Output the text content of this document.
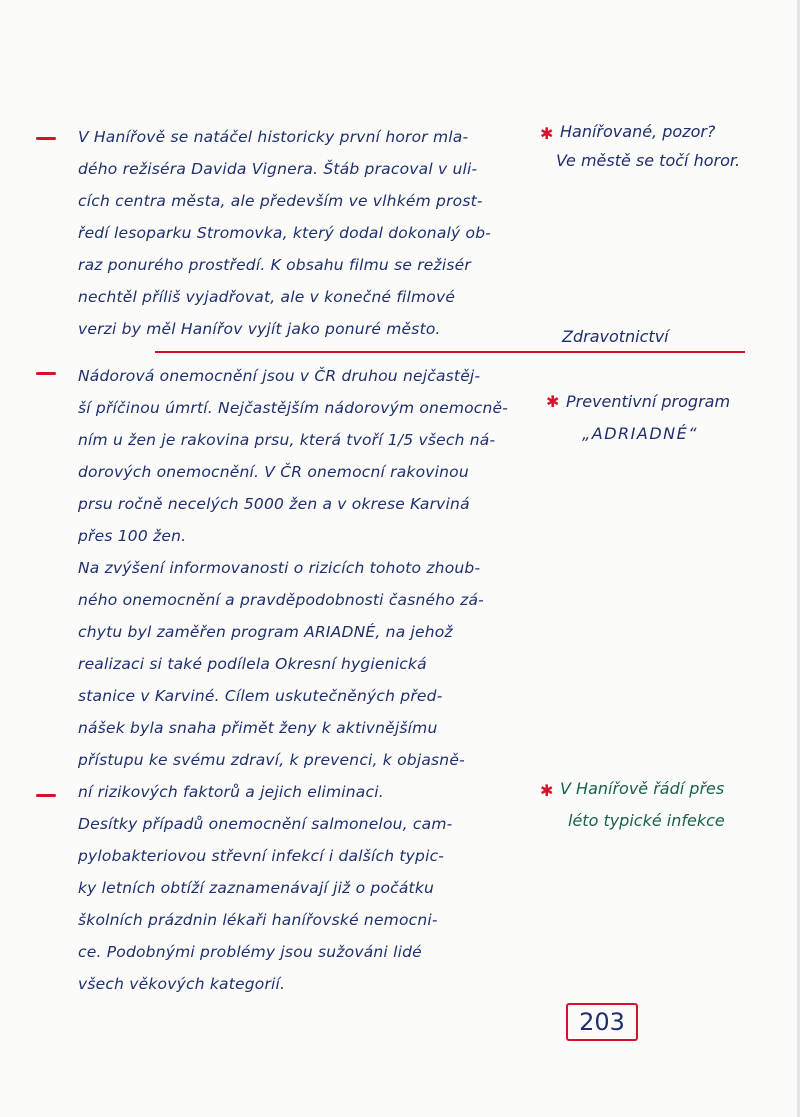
V Hanířově se natáčel historicky první horor mla-
dého režiséra Davida Vignera. Štáb pracoval v uli-
cích centra města, ale především ve vlhkém prost-
ředí lesoparku Stromovka, který dodal dokonalý ob-
raz ponurého prostředí. K obsahu filmu se režisér
nechtěl příliš vyjadřovat, ale v konečné filmové
verzi by měl Hanířov vyjít jako ponuré město.
✱ Hanířované, pozor?
Ve městě se točí horor.
Zdravotnictví
Nádorová onemocnění jsou v ČR druhou nejčastěj-
ší příčinou úmrtí. Nejčastějším nádorovým onemocně-
ním u žen je rakovina prsu, která tvoří 1/5 všech ná-
dorových onemocnění. V ČR onemocní rakovinou
prsu ročně necelých 5000 žen a v okrese Karviná
přes 100 žen.
Na zvýšení informovanosti o rizicích tohoto zhoub-
ného onemocnění a pravděpodobnosti časného zá-
chytu byl zaměřen program ARIADNÉ, na jehož
realizaci si také podílela Okresní hygienická
stanice v Karviné. Cílem uskutečněných před-
nášek byla snaha přimět ženy k aktivnějšímu
přístupu ke svému zdraví, k prevenci, k objasně-
ní rizikových faktorů a jejich eliminaci.
✱ Preventivní program
„ADRIADNÉ“
Desítky případů onemocnění salmonelou, cam-
pylobakteriovou střevní infekcí i dalších typic-
ky letních obtíží zaznamenávají již o počátku
školních prázdnin lékaři hanířovské nemocni-
ce. Podobnými problémy jsou sužováni lidé
všech věkových kategorií.
✱ V Hanířově řádí přes
léto typické infekce
203
